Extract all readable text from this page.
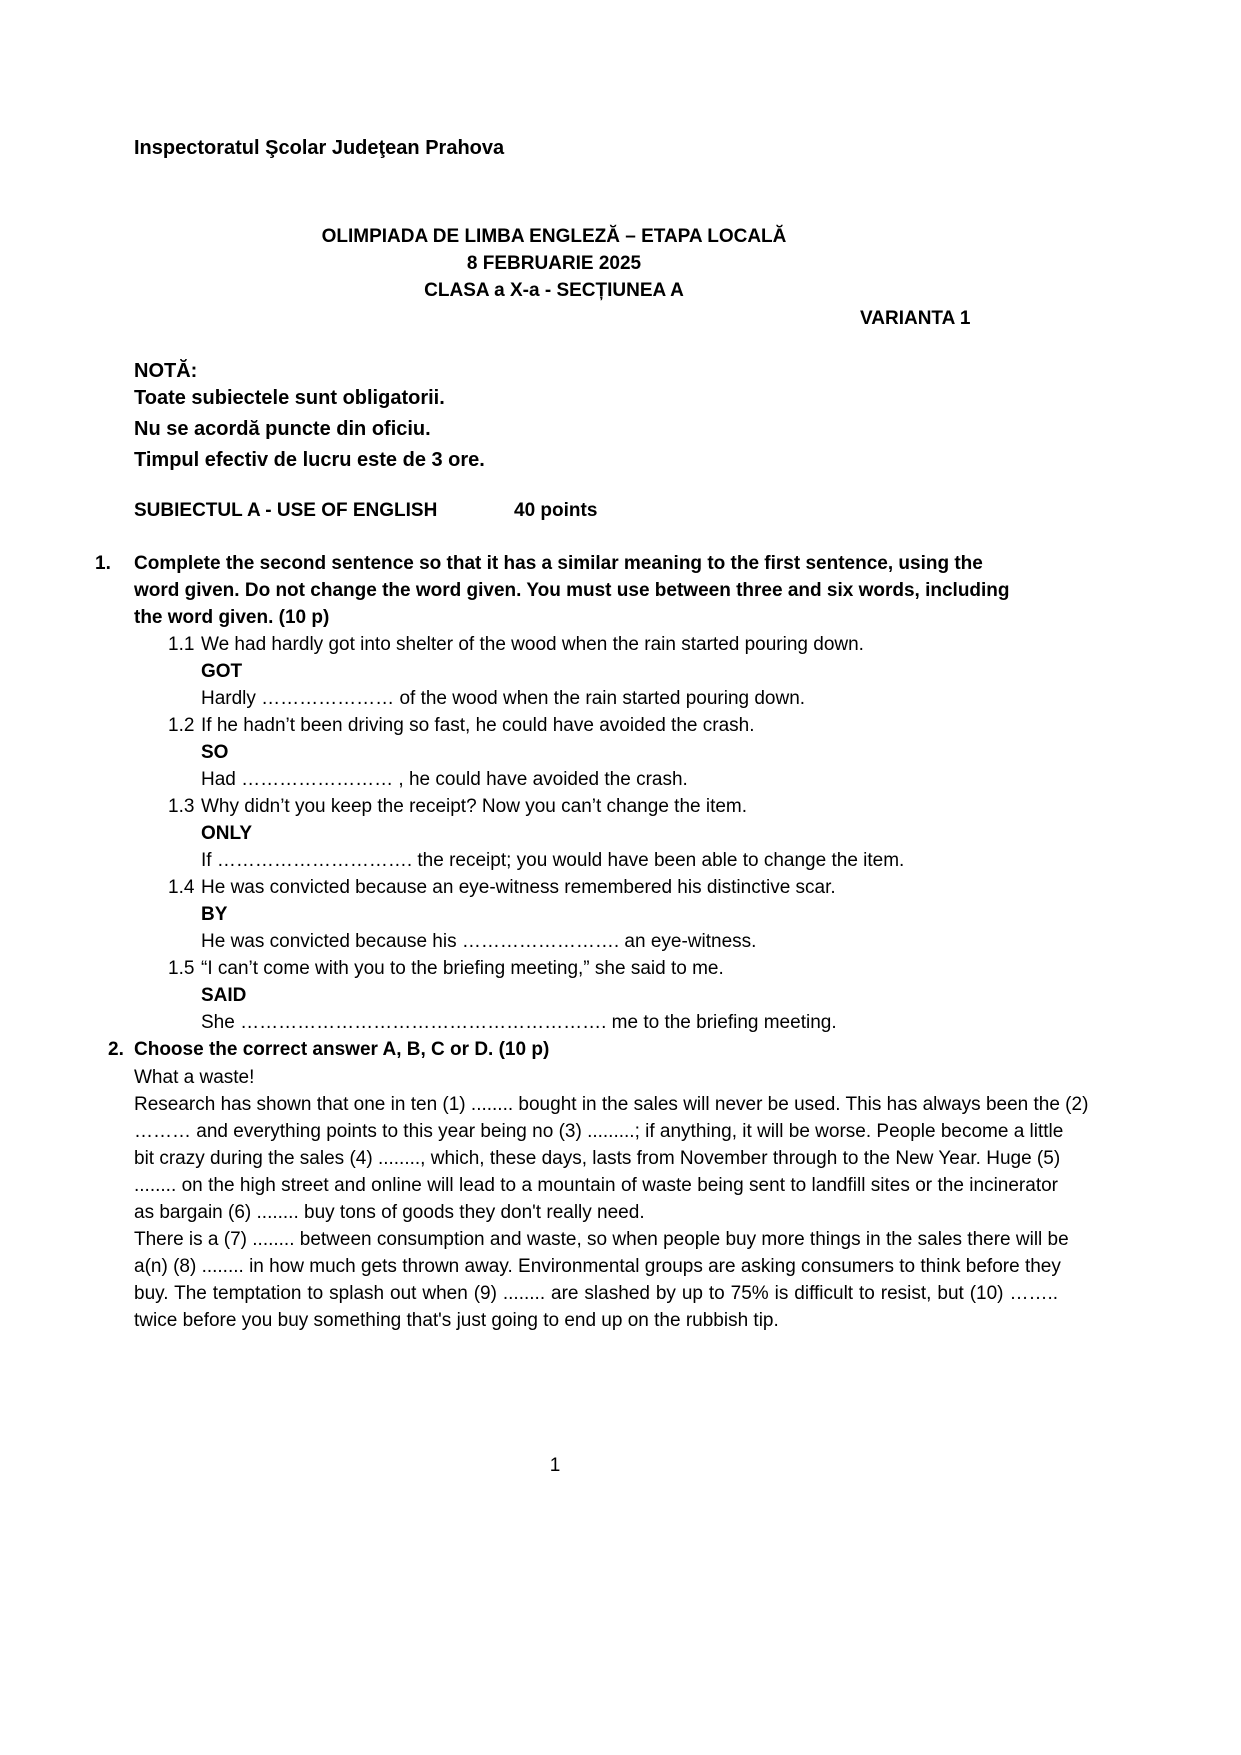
Inspectoratul Şcolar Judeţean Prahova
OLIMPIADA DE LIMBA ENGLEZĂ – ETAPA LOCALĂ
8 FEBRUARIE 2025
CLASA a X-a - SECȚIUNEA A
VARIANTA 1
NOTĂ:
Toate subiectele sunt obligatorii.
Nu se acordă puncte din oficiu.
Timpul efectiv de lucru este de 3 ore.
SUBIECTUL A - USE OF ENGLISH	40 points
1. Complete the second sentence so that it has a similar meaning to the first sentence, using the
word given. Do not change the word given. You must use between three and six words, including
the word given. (10 p)
1.1 We had hardly got into shelter of the wood when the rain started pouring down.
GOT
Hardly ………………… of the wood when the rain started pouring down.
1.2 If he hadn’t been driving so fast, he could have avoided the crash.
SO
Had …………………… , he could have avoided the crash.
1.3 Why didn’t you keep the receipt? Now you can’t change the item.
ONLY
If …………………………. the receipt; you would have been able to change the item.
1.4 He was convicted because an eye-witness remembered his distinctive scar.
BY
He was convicted because his ……………………. an eye-witness.
1.5 “I can’t come with you to the briefing meeting,” she said to me.
SAID
She …………………………………………………. me to the briefing meeting.
2. Choose the correct answer A, B, C or D. (10 p)
What a waste!
Research has shown that one in ten (1) ........ bought in the sales will never be used. This has always been the (2)
……… and everything points to this year being no (3) .........; if anything, it will be worse. People become a little
bit crazy during the sales (4) ........, which, these days, lasts from November through to the New Year. Huge (5)
........ on the high street and online will lead to a mountain of waste being sent to landfill sites or the incinerator
as bargain (6) ........ buy tons of goods they don't really need.
There is a (7) ........ between consumption and waste, so when people buy more things in the sales there will be
a(n) (8) ........ in how much gets thrown away. Environmental groups are asking consumers to think before they
buy. The temptation to splash out when (9) ........ are slashed by up to 75% is difficult to resist, but (10) ……..
twice before you buy something that's just going to end up on the rubbish tip.
1
